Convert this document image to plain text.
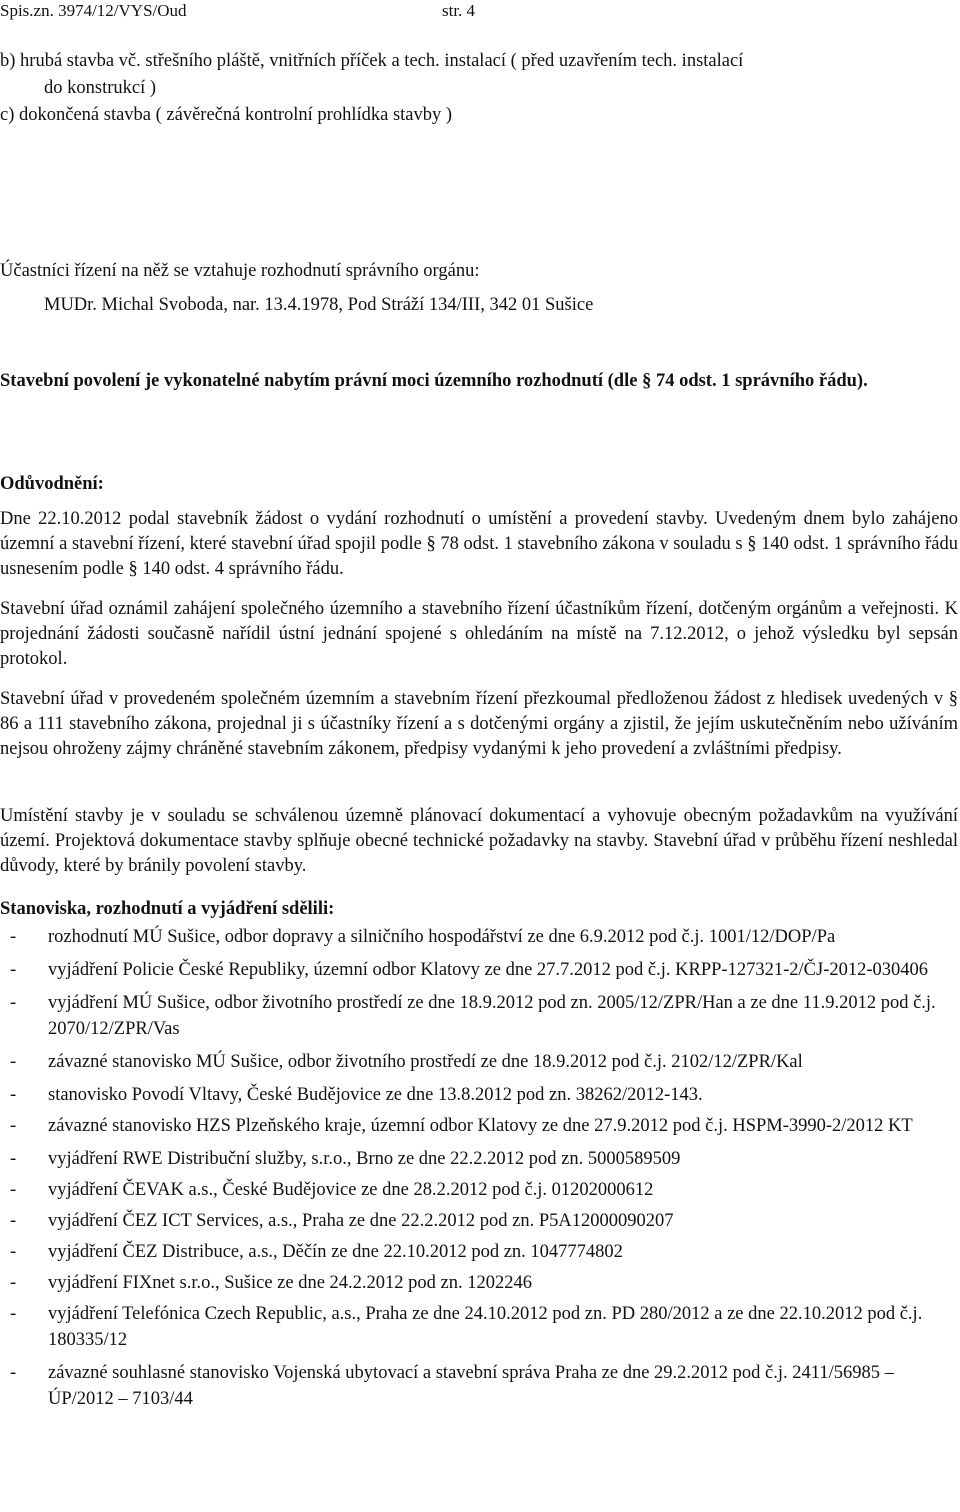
Spis.zn. 3974/12/VYS/Oud	str. 4

b) hrubá stavba vč. střešního pláště, vnitřních příček a tech. instalací ( před uzavřením tech. instalací

do konstrukcí )

c) dokončená stavba ( závěrečná kontrolní prohlídka stavby )

Účastníci řízení na něž se vztahuje rozhodnutí správního orgánu:

MUDr. Michal Svoboda, nar. 13.4.1978, Pod Stráží 134/III, 342 01 Sušice

Stavební povolení je vykonatelné nabytím právní moci územního rozhodnutí (dle § 74 odst. 1 správního řádu).
Odůvodnění:

Dne 22.10.2012 podal stavebník žádost o vydání rozhodnutí o umístění a provedení stavby. Uvedeným dnem bylo zahájeno územní a stavební řízení, které stavební úřad spojil podle § 78 odst. 1 stavebního zákona v souladu s § 140 odst. 1 správního řádu usnesením podle § 140 odst. 4 správního řádu.

Stavební úřad oznámil zahájení společného územního a stavebního řízení účastníkům řízení, dotčeným orgánům a veřejnosti. K projednání žádosti současně nařídil ústní jednání spojené s ohledáním na místě na 7.12.2012, o jehož výsledku byl sepsán protokol.

Stavební úřad v provedeném společném územním a stavebním řízení přezkoumal předloženou žádost z hledisek uvedených v § 86 a 111 stavebního zákona, projednal ji s účastníky řízení a s dotčenými orgány a zjistil, že jejím uskutečněním nebo užíváním nejsou ohroženy zájmy chráněné stavebním zákonem, předpisy vydanými k jeho provedení a zvláštními předpisy.

Umístění stavby je v souladu se schválenou územně plánovací dokumentací a vyhovuje obecným požadavkům na využívání území. Projektová dokumentace stavby splňuje obecné technické požadavky na stavby. Stavební úřad v průběhu řízení neshledal důvody, které by bránily povolení stavby.

Stanoviska, rozhodnutí a vyjádření sdělili:
- rozhodnutí MÚ Sušice, odbor dopravy a silničního hospodářství ze dne 6.9.2012 pod č.j. 1001/12/DOP/Pa
- vyjádření Policie České Republiky, územní odbor Klatovy ze dne 27.7.2012 pod č.j. KRPP-127321-2/ČJ-2012-030406
- vyjádření MÚ Sušice, odbor životního prostředí ze dne 18.9.2012 pod zn. 2005/12/ZPR/Han a ze dne 11.9.2012 pod č.j. 2070/12/ZPR/Vas
- závazné stanovisko MÚ Sušice, odbor životního prostředí ze dne 18.9.2012 pod č.j. 2102/12/ZPR/Kal
- stanovisko Povodí Vltavy, České Budějovice ze dne 13.8.2012 pod zn. 38262/2012-143.
- závazné stanovisko HZS Plzeňského kraje, územní odbor Klatovy ze dne 27.9.2012 pod č.j. HSPM-3990-2/2012 KT
- vyjádření RWE Distribuční služby, s.r.o., Brno ze dne 22.2.2012 pod zn. 5000589509
- vyjádření ČEVAK a.s., České Budějovice ze dne 28.2.2012 pod č.j. 01202000612
- vyjádření ČEZ ICT Services, a.s., Praha ze dne 22.2.2012 pod zn. P5A12000090207
- vyjádření ČEZ Distribuce, a.s., Děčín ze dne 22.10.2012 pod zn. 1047774802
- vyjádření FIXnet s.r.o., Sušice ze dne 24.2.2012 pod zn. 1202246
- vyjádření Telefónica Czech Republic, a.s., Praha ze dne 24.10.2012 pod zn. PD 280/2012 a ze dne 22.10.2012 pod č.j. 180335/12
- závazné souhlasné stanovisko Vojenská ubytovací a stavební správa Praha ze dne 29.2.2012 pod č.j. 2411/56985 – ÚP/2012 – 7103/44
